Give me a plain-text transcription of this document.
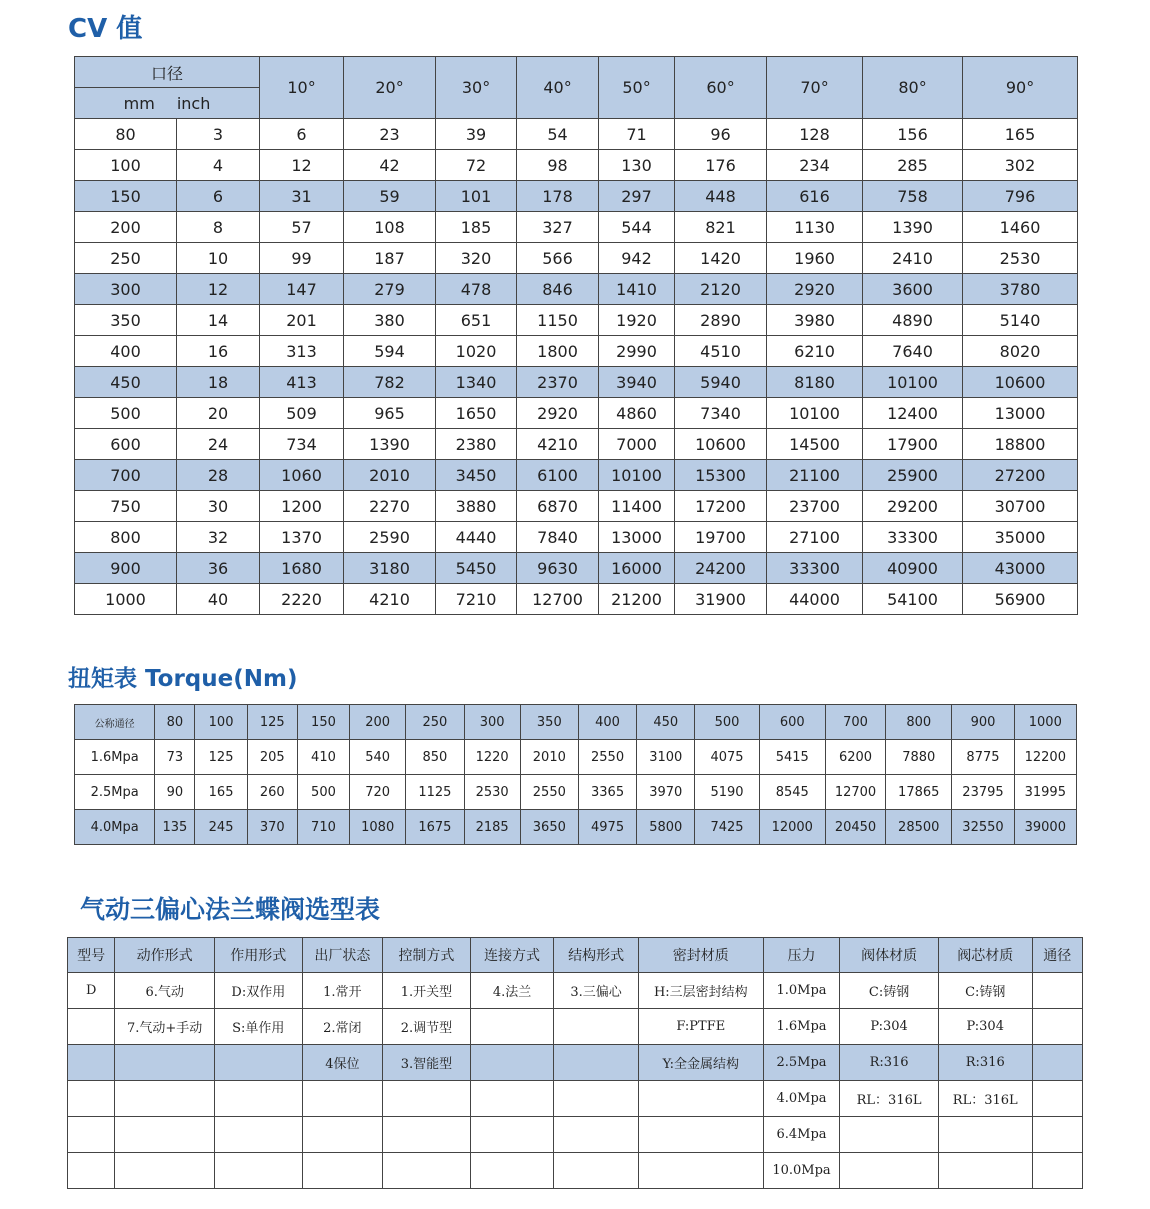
CV 值
口径		10°	20°	30°	40°	50°	60°	70°	80°	90°
mm inch										
80	3	6	23	39	54	71	96	128	156	165
100	4	12	42	72	98	130	176	234	285	302
150	6	31	59	101	178	297	448	616	758	796
200	8	57	108	185	327	544	821	1130	1390	1460
250	10	99	187	320	566	942	1420	1960	2410	2530
300	12	147	279	478	846	1410	2120	2920	3600	3780
350	14	201	380	651	1150	1920	2890	3980	4890	5140
400	16	313	594	1020	1800	2990	4510	6210	7640	8020
450	18	413	782	1340	2370	3940	5940	8180	10100	10600
500	20	509	965	1650	2920	4860	7340	10100	12400	13000
600	24	734	1390	2380	4210	7000	10600	14500	17900	18800
700	28	1060	2010	3450	6100	10100	15300	21100	25900	27200
750	30	1200	2270	3880	6870	11400	17200	23700	29200	30700
800	32	1370	2590	4440	7840	13000	19700	27100	33300	35000
900	36	1680	3180	5450	9630	16000	24200	33300	40900	43000
1000	40	2220	4210	7210	12700	21200	31900	44000	54100	56900
扭矩表 Torque(Nm)
公称通径	80	100	125	150	200	250	300	350	400	450	500	600	700	800	900	1000
1.6Mpa	73	125	205	410	540	850	1220	2010	2550	3100	4075	5415	6200	7880	8775	12200
2.5Mpa	90	165	260	500	720	1125	2530	2550	3365	3970	5190	8545	12700	17865	23795	31995
4.0Mpa	135	245	370	710	1080	1675	2185	3650	4975	5800	7425	12000	20450	28500	32550	39000
气动三偏心法兰蝶阀选型表
型号	动作形式	作用形式	出厂状态	控制方式	连接方式	结构形式	密封材质	压力	阀体材质	阀芯材质	通径
D	6.气动	D:双作用	1.常开	1.开关型	4.法兰	3.三偏心	H:三层密封结构	1.0Mpa	C:铸钢	C:铸钢	
	7.气动+手动	S:单作用	2.常闭	2.调节型			F:PTFE	1.6Mpa	P:304	P:304	
			4保位	3.智能型			Y:全金属结构	2.5Mpa	R:316	R:316	
								4.0Mpa	RL：316L	RL：316L	
								6.4Mpa			
								10.0Mpa			
